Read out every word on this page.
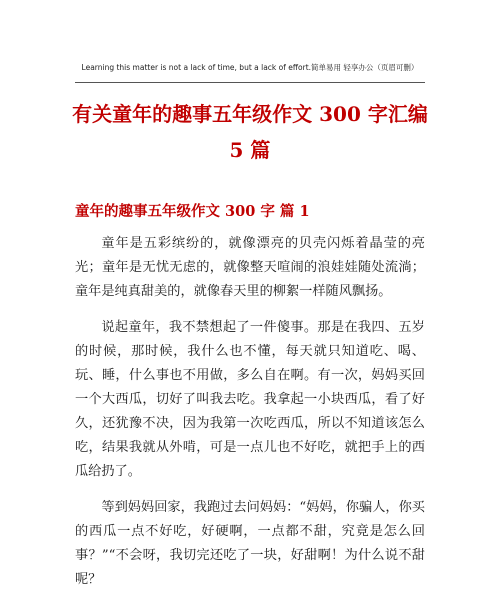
Learning this matter is not a lack of time, but a lack of effort.简单易用 轻享办公（页眉可删）
有关童年的趣事五年级作文 300 字汇编 5 篇
童年的趣事五年级作文 300 字 篇 1

童年是五彩缤纷的，就像漂亮的贝壳闪烁着晶莹的亮光；童年是无忧无虑的，就像整天喧闹的浪娃娃随处流淌；童年是纯真甜美的，就像春天里的柳絮一样随风飘扬。

说起童年，我不禁想起了一件傻事。那是在我四、五岁的时候，那时候，我什么也不懂，每天就只知道吃、喝、玩、睡，什么事也不用做，多么自在啊。有一次，妈妈买回一个大西瓜，切好了叫我去吃。我拿起一小块西瓜，看了好久，还犹豫不决，因为我第一次吃西瓜，所以不知道该怎么吃，结果我就从外啃，可是一点儿也不好吃，就把手上的西瓜给扔了。

等到妈妈回家，我跑过去问妈妈：“妈妈，你骗人，你买的西瓜一点不好吃，好硬啊，一点都不甜，究竟是怎么回事？”“不会呀，我切完还吃了一块，好甜啊！为什么说不甜呢？
